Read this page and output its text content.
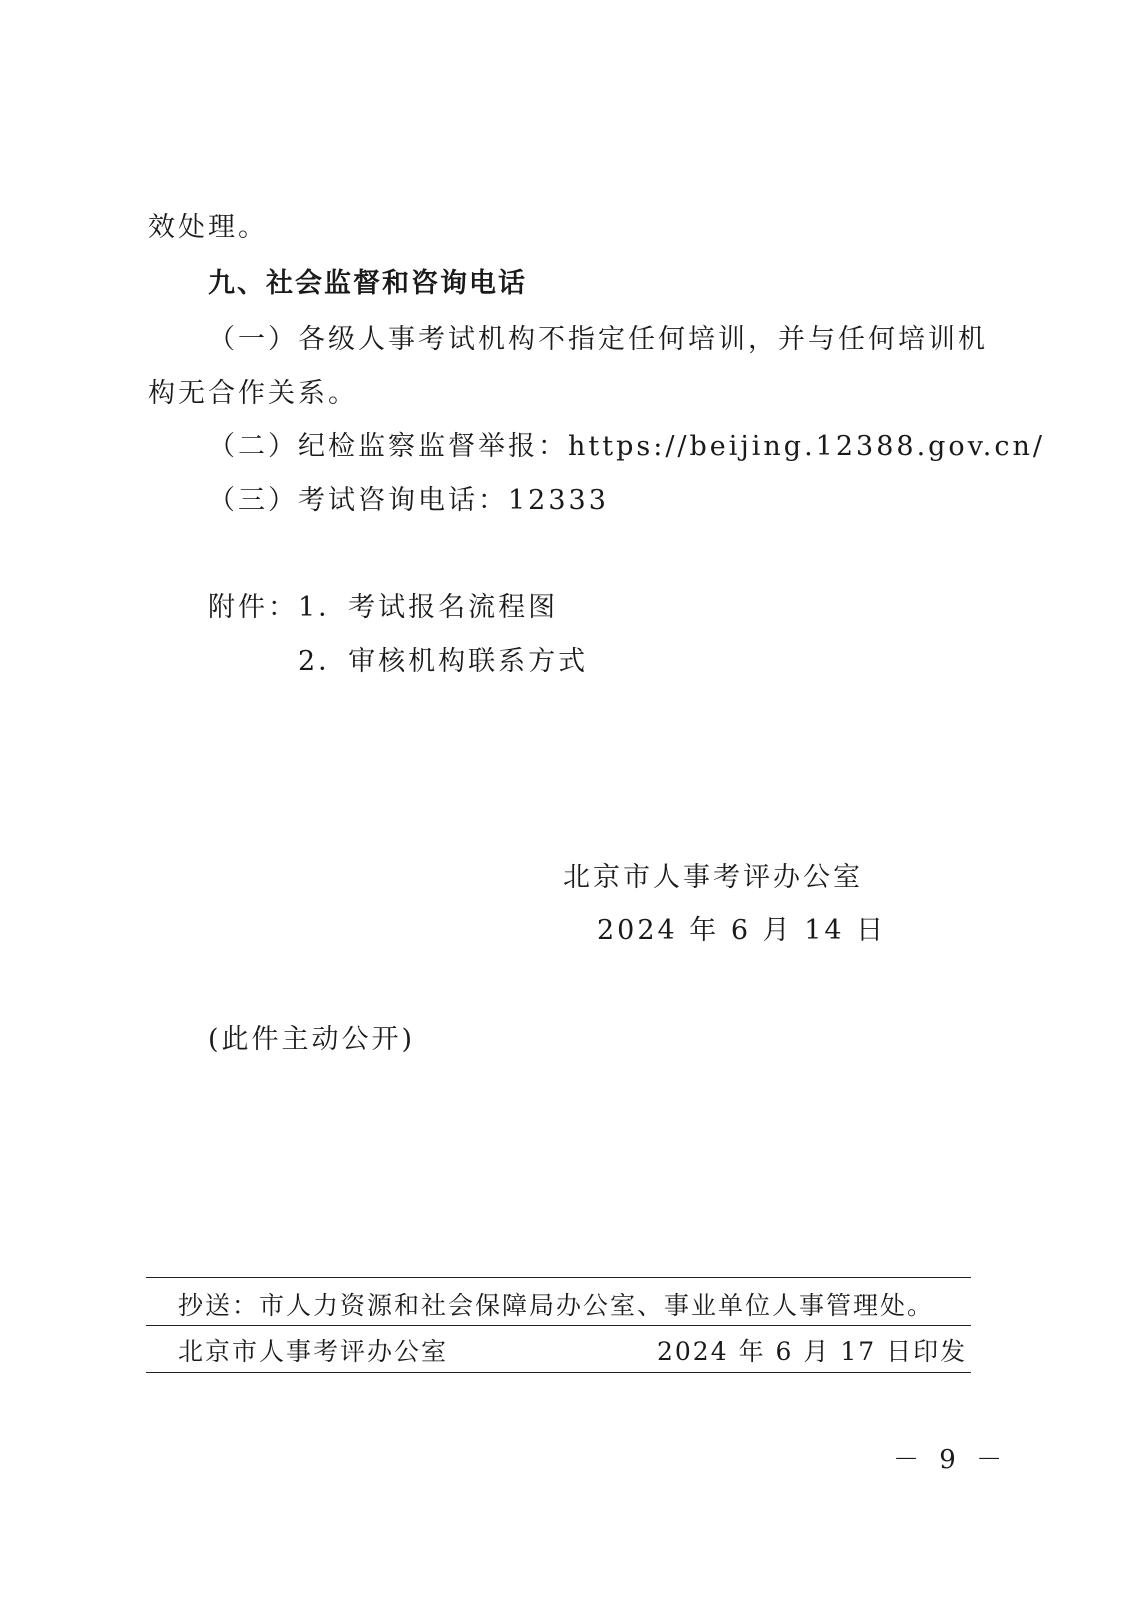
效处理。
九、社会监督和咨询电话
（一）各级人事考试机构不指定任何培训，并与任何培训机
构无合作关系。
（二）纪检监察监督举报：https://beijing.12388.gov.cn/
（三）考试咨询电话：12333
附件： 1．考试报名流程图
2．审核机构联系方式
北京市人事考评办公室
2024 年 6 月 14 日
(此件主动公开)
抄送：市人力资源和社会保障局办公室、事业单位人事管理处。
北京市人事考评办公室	2024 年 6 月 17 日印发
－ 9 －
